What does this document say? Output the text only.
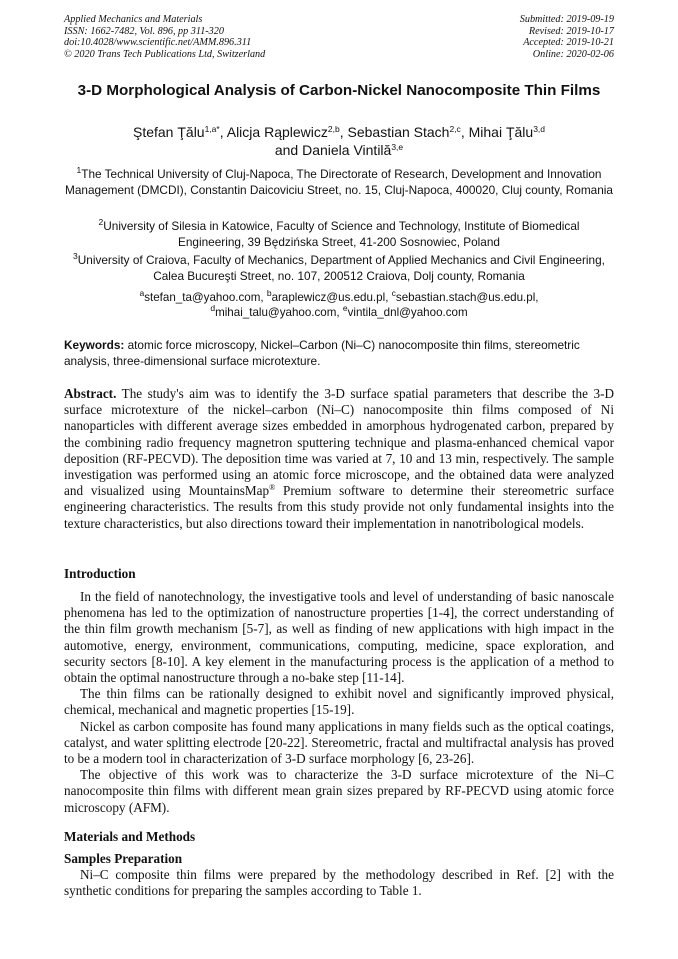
Applied Mechanics and Materials
ISSN: 1662-7482, Vol. 896, pp 311-320
doi:10.4028/www.scientific.net/AMM.896.311
© 2020 Trans Tech Publications Ltd, Switzerland
Submitted: 2019-09-19
Revised: 2019-10-17
Accepted: 2019-10-21
Online: 2020-02-06
3-D Morphological Analysis of Carbon-Nickel Nanocomposite Thin Films
Ştefan Ţălu$^{1,a*}$, Alicja Rąplewicz$^{2,b}$, Sebastian Stach$^{2,c}$, Mihai Ţălu$^{3,d}$
and Daniela Vintilă$^{3,e}$
$^1$The Technical University of Cluj-Napoca, The Directorate of Research, Development and Innovation Management (DMCDI), Constantin Daicoviciu Street, no. 15, Cluj-Napoca, 400020, Cluj county, Romania
$^2$University of Silesia in Katowice, Faculty of Science and Technology, Institute of Biomedical Engineering, 39 Będzińska Street, 41-200 Sosnowiec, Poland
$^3$University of Craiova, Faculty of Mechanics, Department of Applied Mechanics and Civil Engineering, Calea Bucureşti Street, no. 107, 200512 Craiova, Dolj county, Romania
$^a$stefan_ta@yahoo.com, $^b$araplewicz@us.edu.pl, $^c$sebastian.stach@us.edu.pl,
$^d$mihai_talu@yahoo.com, $^e$vintila_dnl@yahoo.com
Keywords: atomic force microscopy, Nickel–Carbon (Ni–C) nanocomposite thin films, stereometric analysis, three-dimensional surface microtexture.
Abstract. The study's aim was to identify the 3-D surface spatial parameters that describe the 3-D surface microtexture of the nickel–carbon (Ni–C) nanocomposite thin films composed of Ni nanoparticles with different average sizes embedded in amorphous hydrogenated carbon, prepared by the combining radio frequency magnetron sputtering technique and plasma-enhanced chemical vapor deposition (RF-PECVD). The deposition time was varied at 7, 10 and 13 min, respectively. The sample investigation was performed using an atomic force microscope, and the obtained data were analyzed and visualized using MountainsMap® Premium software to determine their stereometric surface engineering characteristics. The results from this study provide not only fundamental insights into the texture characteristics, but also directions toward their implementation in nanotribological models.
Introduction

In the field of nanotechnology, the investigative tools and level of understanding of basic nanoscale phenomena has led to the optimization of nanostructure properties [1-4], the correct understanding of the thin film growth mechanism [5-7], as well as finding of new applications with high impact in the automotive, energy, environment, communications, computing, medicine, space exploration, and security sectors [8-10]. A key element in the manufacturing process is the application of a method to obtain the optimal nanostructure through a no-bake step [11-14].

The thin films can be rationally designed to exhibit novel and significantly improved physical, chemical, mechanical and magnetic properties [15-19].

Nickel as carbon composite has found many applications in many fields such as the optical coatings, catalyst, and water splitting electrode [20-22]. Stereometric, fractal and multifractal analysis has proved to be a modern tool in characterization of 3-D surface morphology [6, 23-26].

The objective of this work was to characterize the 3-D surface microtexture of the Ni–C nanocomposite thin films with different mean grain sizes prepared by RF-PECVD using atomic force microscopy (AFM).

Materials and Methods
Samples Preparation

Ni–C composite thin films were prepared by the methodology described in Ref. [2] with the synthetic conditions for preparing the samples according to Table 1.
